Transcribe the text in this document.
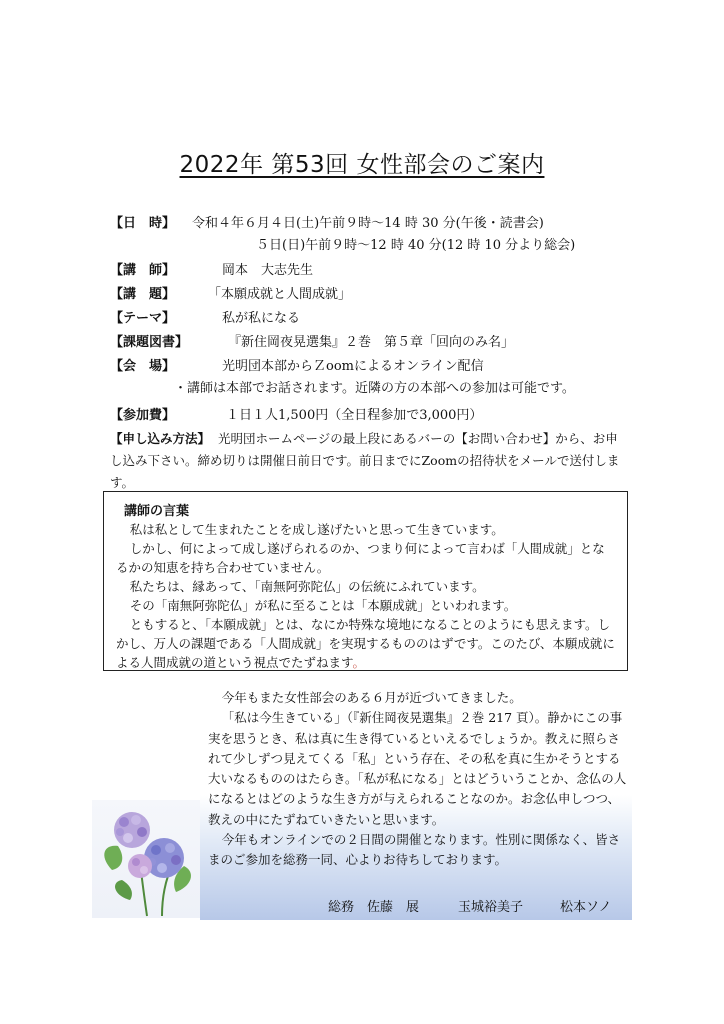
2022年 第53回 女性部会のご案内
【日　時】 令和４年６月４日(土)午前９時～14 時 30 分(午後・読書会)
５日(日)午前９時～12 時 40 分(12 時 10 分より総会)
【講　師】	岡本　大志先生
【講　題】	「本願成就と人間成就」
【テーマ】	私が私になる
【課題図書】	『新住岡夜晃選集』２巻　第５章「回向のみ名」
【会　場】	光明団本部からＺoomによるオンライン配信
・講師は本部でお話されます。近隣の方の本部への参加は可能です。
【参加費】	１日１人1,500円（全日程参加で3,000円）
【申し込み方法】 光明団ホームページの最上段にあるバーの【お問い合わせ】から、お申し込み下さい。締め切りは開催日前日です。前日までにZoomの招待状をメールで送付します。
講師の言葉

私は私として生まれたことを成し遂げたいと思って生きています。

しかし、何によって成し遂げられるのか、つまり何によって言わば「人間成就」となるかの知恵を持ち合わせていません。

私たちは、縁あって、「南無阿弥陀仏」の伝統にふれています。

その「南無阿弥陀仏」が私に至ることは「本願成就」といわれます。

ともすると、「本願成就」とは、なにか特殊な境地になることのようにも思えます。しかし、万人の課題である「人間成就」を実現するもののはずです。このたび、本願成就による人間成就の道という視点でたずねます。

今年もまた女性部会のある６月が近づいてきました。

「私は今生きている」（『新住岡夜晃選集』２巻 217 頁）。静かにこの事実を思うとき、私は真に生き得ているといえるでしょうか。教えに照らされて少しずつ見えてくる「私」という存在、その私を真に生かそうとする大いなるもののはたらき。「私が私になる」とはどういうことか、念仏の人になるとはどのような生き方が与えられることなのか。お念仏申しつつ、教えの中にたずねていきたいと思います。

今年もオンラインでの２日間の開催となります。性別に関係なく、皆さまのご参加を総務一同、心よりお待ちしております。

総務　佐藤　展	玉城裕美子	松本ソノ
